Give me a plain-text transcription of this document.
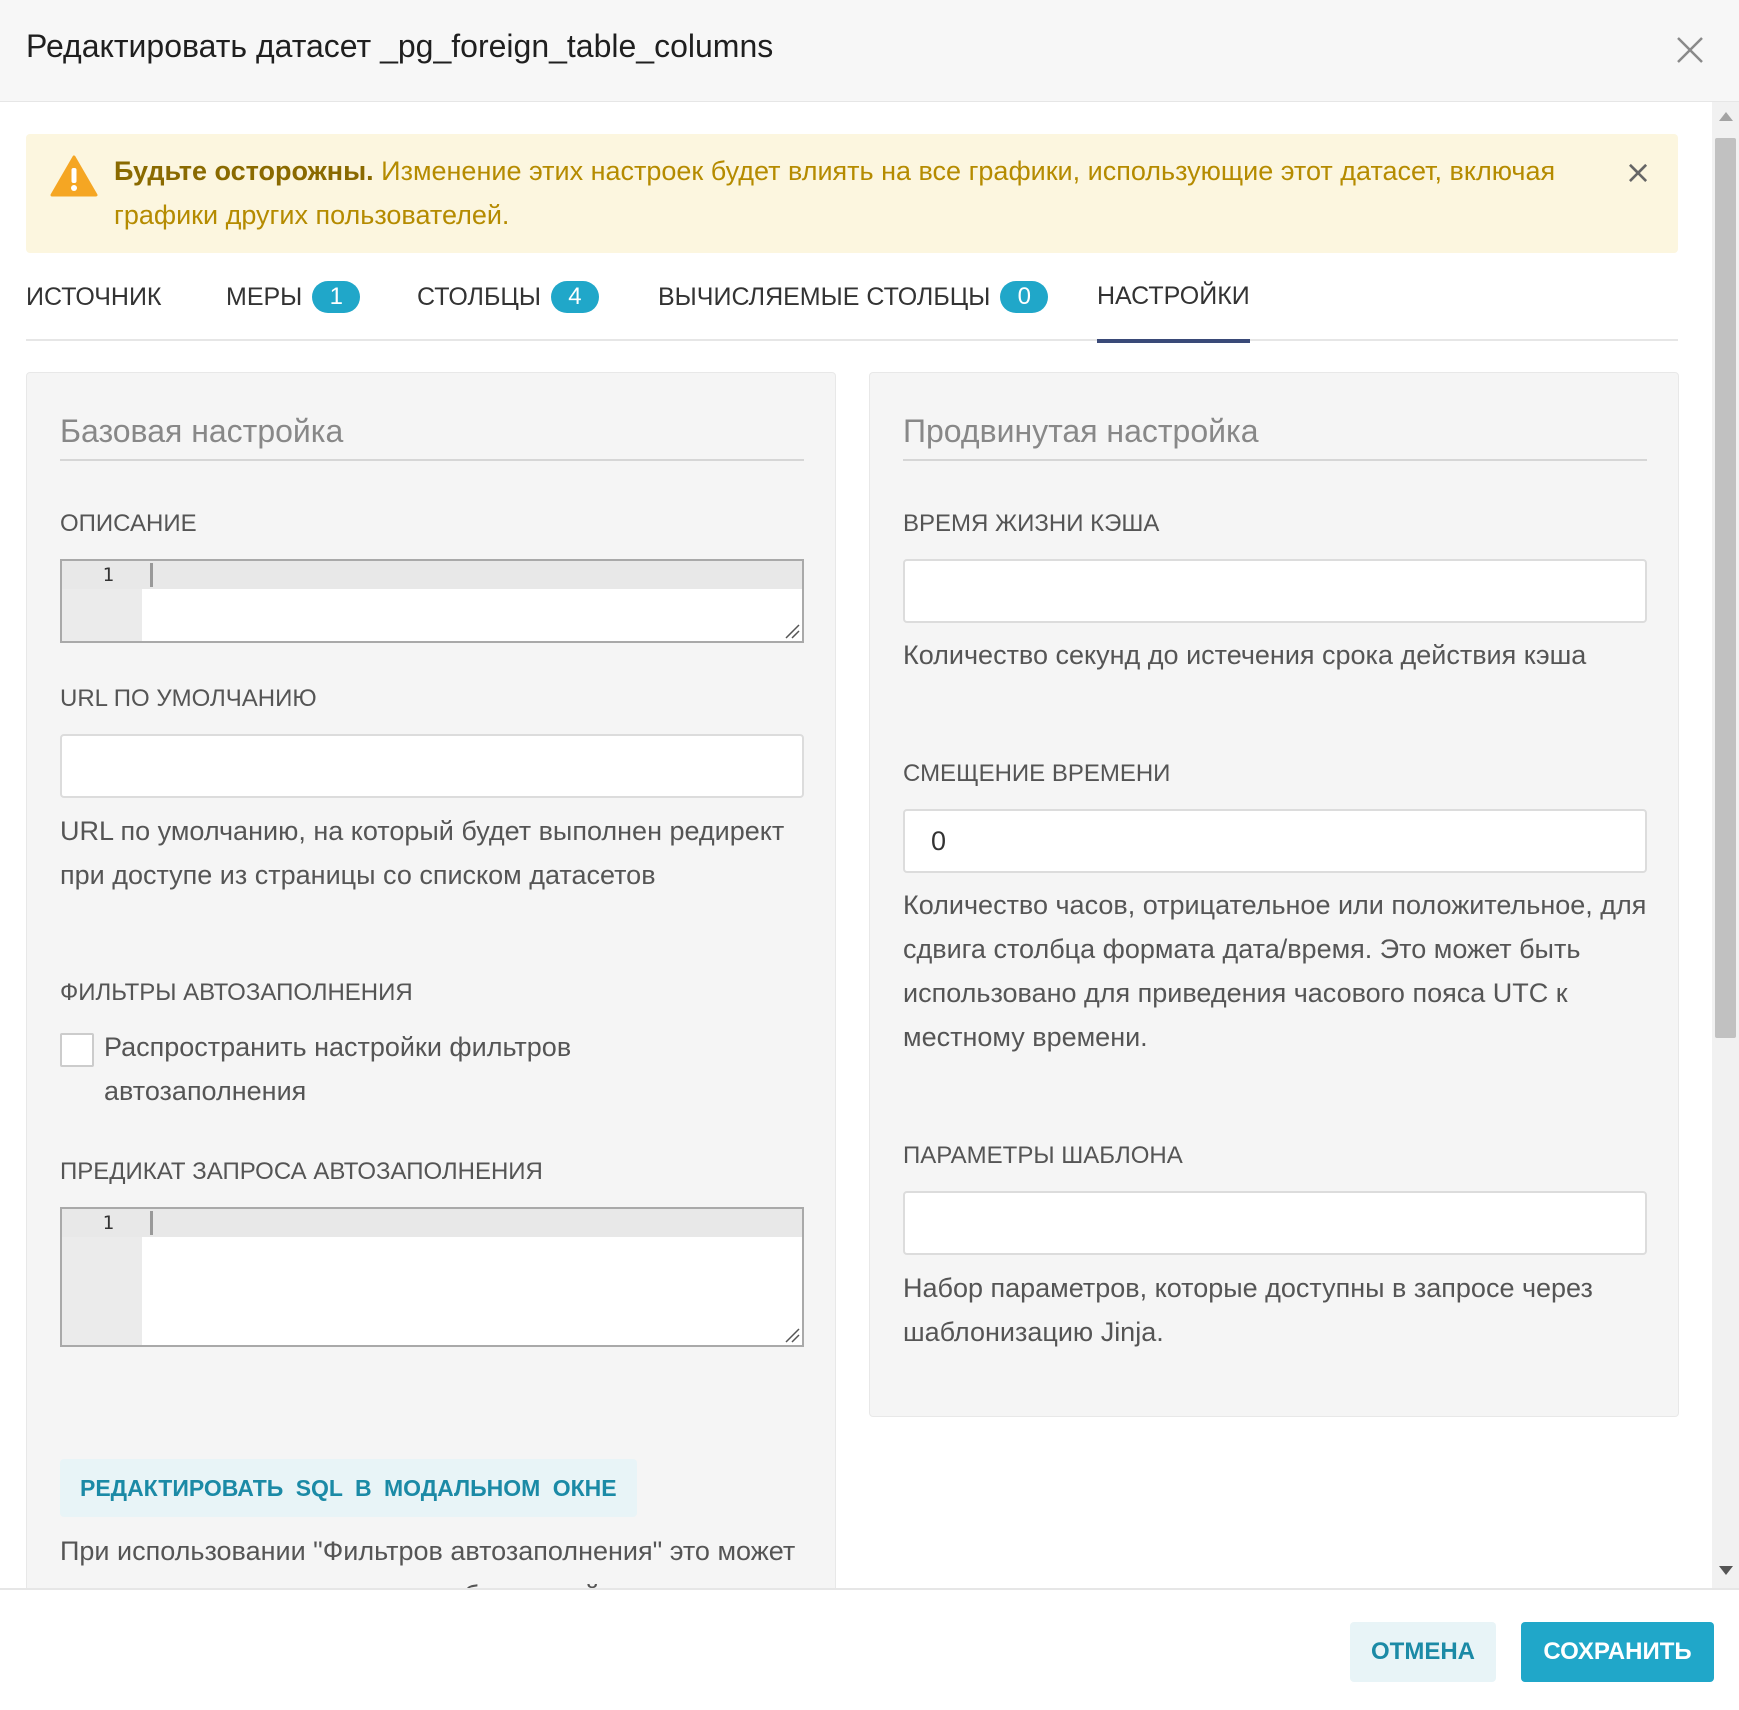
Редактировать датасет _pg_foreign_table_columns
Будьте осторожны. Изменение этих настроек будет влиять на все графики, использующие этот датасет, включая графики других пользователей.
×
ИСТОЧНИК	МЕРЫ	1	СТОЛБЦЫ	4	ВЫЧИСЛЯЕМЫЕ СТОЛБЦЫ	0	НАСТРОЙКИ
Базовая настройка
ОПИСАНИЕ
1
URL ПО УМОЛЧАНИЮ
URL по умолчанию, на который будет выполнен редирект при доступе из страницы со списком датасетов
ФИЛЬТРЫ АВТОЗАПОЛНЕНИЯ
Распространить настройки фильтров автозаполнения
ПРЕДИКАТ ЗАПРОСА АВТОЗАПОЛНЕНИЯ
1
РЕДАКТИРОВАТЬ SQL В МОДАЛЬНОМ ОКНЕ
При использовании "Фильтров автозаполнения" это может
Продвинутая настройка
ВРЕМЯ ЖИЗНИ КЭША
Количество секунд до истечения срока действия кэша
СМЕЩЕНИЕ ВРЕМЕНИ
0
Количество часов, отрицательное или положительное, для сдвига столбца формата дата/время. Это может быть использовано для приведения часового пояса UTC к местному времени.
ПАРАМЕТРЫ ШАБЛОНА
Набор параметров, которые доступны в запросе через шаблонизацию Jinja.
ОТМЕНА	СОХРАНИТЬ
